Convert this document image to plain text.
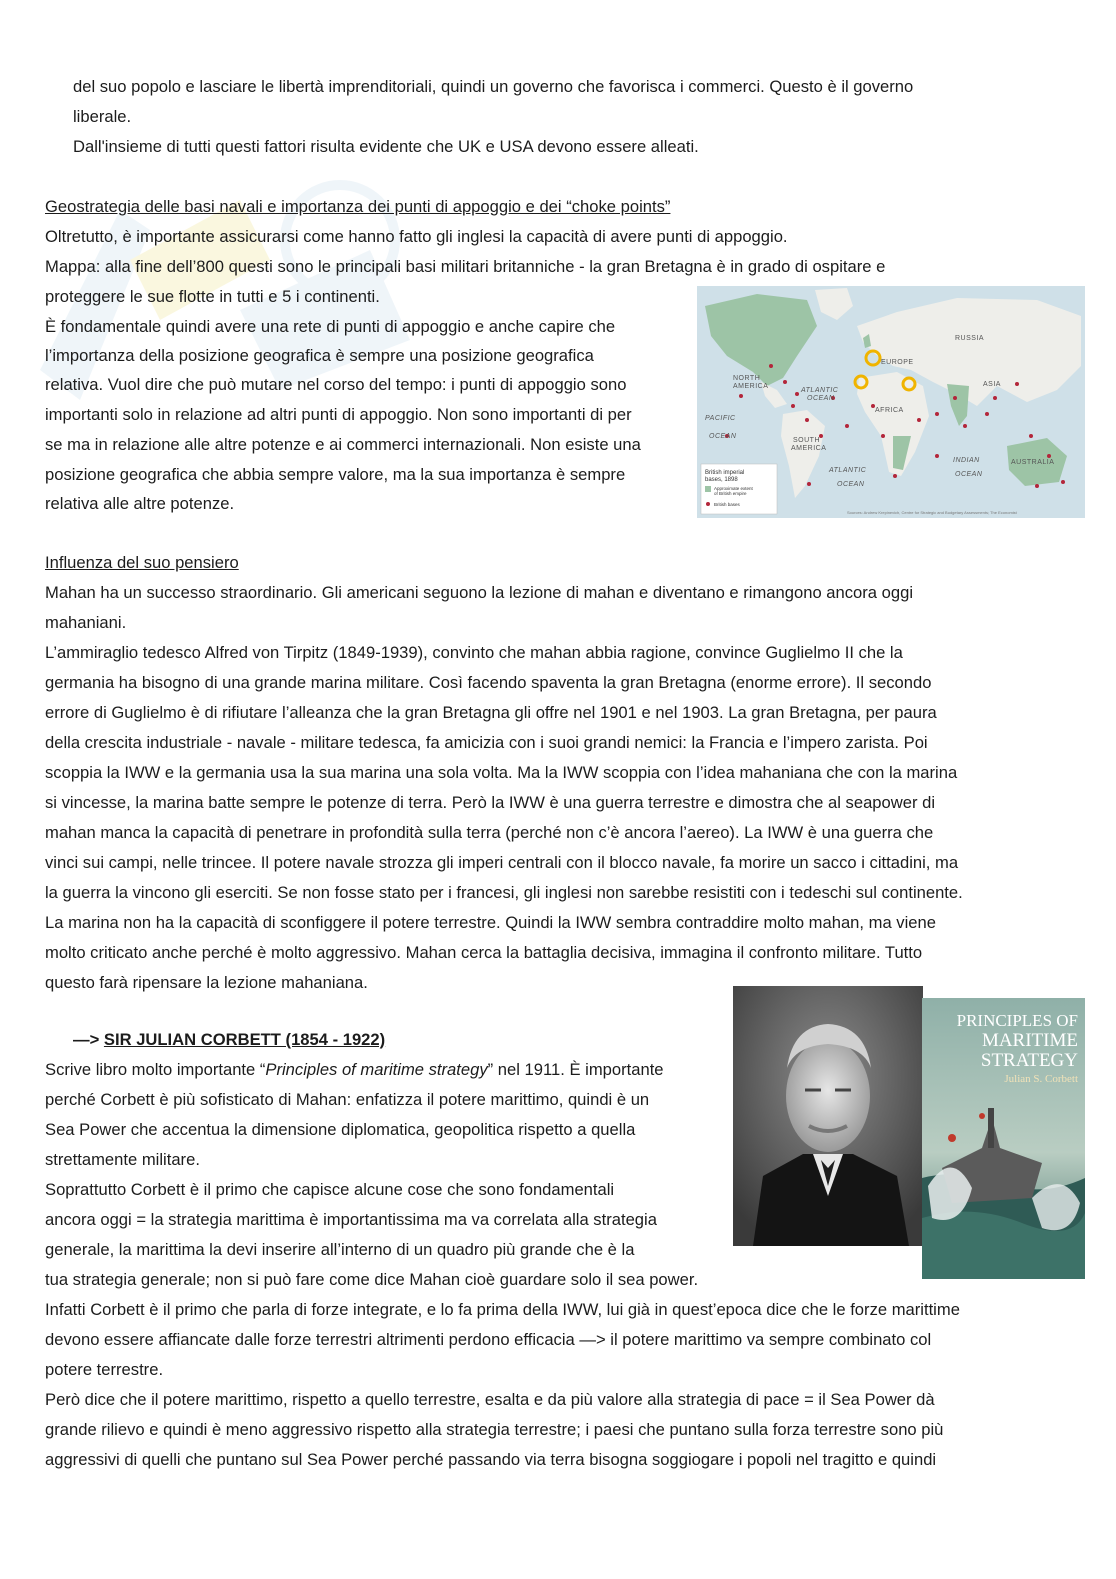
del suo popolo e lasciare le libertà imprenditoriali, quindi un governo che favorisca i commerci. Questo è il governo

liberale.

Dall'insieme di tutti questi fattori risulta evidente che UK e USA devono essere alleati.

Geostrategia delle basi navali e importanza dei punti di appoggio e dei “choke points”

Oltretutto, è importante assicurarsi come hanno fatto gli inglesi la capacità di avere punti di appoggio.

Mappa: alla fine dell’800 questi sono le principali basi militari britanniche - la gran Bretagna è in grado di ospitare e

proteggere le sue flotte in tutti e 5 i continenti.

È fondamentale quindi avere una rete di punti di appoggio e anche capire che

l’importanza della posizione geografica è sempre una posizione geografica

relativa. Vuol dire che può mutare nel corso del tempo: i punti di appoggio sono

importanti solo in relazione ad altri punti di appoggio. Non sono importanti di per

se ma in relazione alle altre potenze e ai commerci internazionali. Non esiste una

posizione geografica che abbia sempre valore, ma la sua importanza è sempre

relativa alle altre potenze.

RUSSIA
EUROPE
NORTH
AMERICA	ASIA
ATLANTIC
OCEAN
AFRICA
PACIFIC
OCEAN
SOUTH
AMERICA
INDIAN
OCEAN
AUSTRALIA
ATLANTIC
OCEAN
British imperial
bases, 1898
Approximate extent
of British empire
British bases
Sources: Andrew Krepinevich, Centre for Strategic and Budgetary Assessments; The Economist

Influenza del suo pensiero

Mahan ha un successo straordinario. Gli americani seguono la lezione di mahan e diventano e rimangono ancora oggi
mahaniani.
L’ammiraglio tedesco Alfred von Tirpitz (1849-1939), convinto che mahan abbia ragione, convince Guglielmo II che la
germania ha bisogno di una grande marina militare. Così facendo spaventa la gran Bretagna (enorme errore). Il secondo
errore di Guglielmo è di rifiutare l’alleanza che la gran Bretagna gli offre nel 1901 e nel 1903. La gran Bretagna, per paura
della crescita industriale - navale - militare tedesca, fa amicizia con i suoi grandi nemici: la Francia e l’impero zarista. Poi
scoppia la IWW e la germania usa la sua marina una sola volta. Ma la IWW scoppia con l’idea mahaniana che con la marina
si vincesse, la marina batte sempre le potenze di terra. Però la IWW è una guerra terrestre e dimostra che al seapower di
mahan manca la capacità di penetrare in profondità sulla terra (perché non c’è ancora l’aereo). La IWW è una guerra che
vinci sui campi, nelle trincee. Il potere navale strozza gli imperi centrali con il blocco navale, fa morire un sacco i cittadini, ma
la guerra la vincono gli eserciti. Se non fosse stato per i francesi, gli inglesi non sarebbe resistiti con i tedeschi sul continente.
La marina non ha la capacità di sconfiggere il potere terrestre. Quindi la IWW sembra contraddire molto mahan, ma viene
molto criticato anche perché è molto aggressivo. Mahan cerca la battaglia decisiva, immagina il confronto militare. Tutto
questo farà ripensare la lezione mahaniana.

—> SIR JULIAN CORBETT (1854 - 1922)

Scrive libro molto importante “Principles of maritime strategy” nel 1911. È importante

perché Corbett è più sofisticato di Mahan: enfatizza il potere marittimo, quindi è un
Sea Power che accentua la dimensione diplomatica, geopolitica rispetto a quella
strettamente militare.
Soprattutto Corbett è il primo che capisce alcune cose che sono fondamentali
ancora oggi = la strategia marittima è importantissima ma va correlata alla strategia
generale, la marittima la devi inserire all’interno di un quadro più grande che è la
tua strategia generale; non si può fare come dice Mahan cioè guardare solo il sea power.
Infatti Corbett è il primo che parla di forze integrate, e lo fa prima della IWW, lui già in quest’epoca dice che le forze marittime
devono essere affiancate dalle forze terrestri altrimenti perdono efficacia —> il potere marittimo va sempre combinato col
potere terrestre.
Però dice che il potere marittimo, rispetto a quello terrestre, esalta e da più valore alla strategia di pace = il Sea Power dà
grande rilievo e quindi è meno aggressivo rispetto alla strategia terrestre; i paesi che puntano sulla forza terrestre sono più
aggressivi di quelli che puntano sul Sea Power perché passando via terra bisogna soggiogare i popoli nel tragitto e quindi
PRINCIPLES OF
MARITIME
STRATEGY
Julian S. Corbett
